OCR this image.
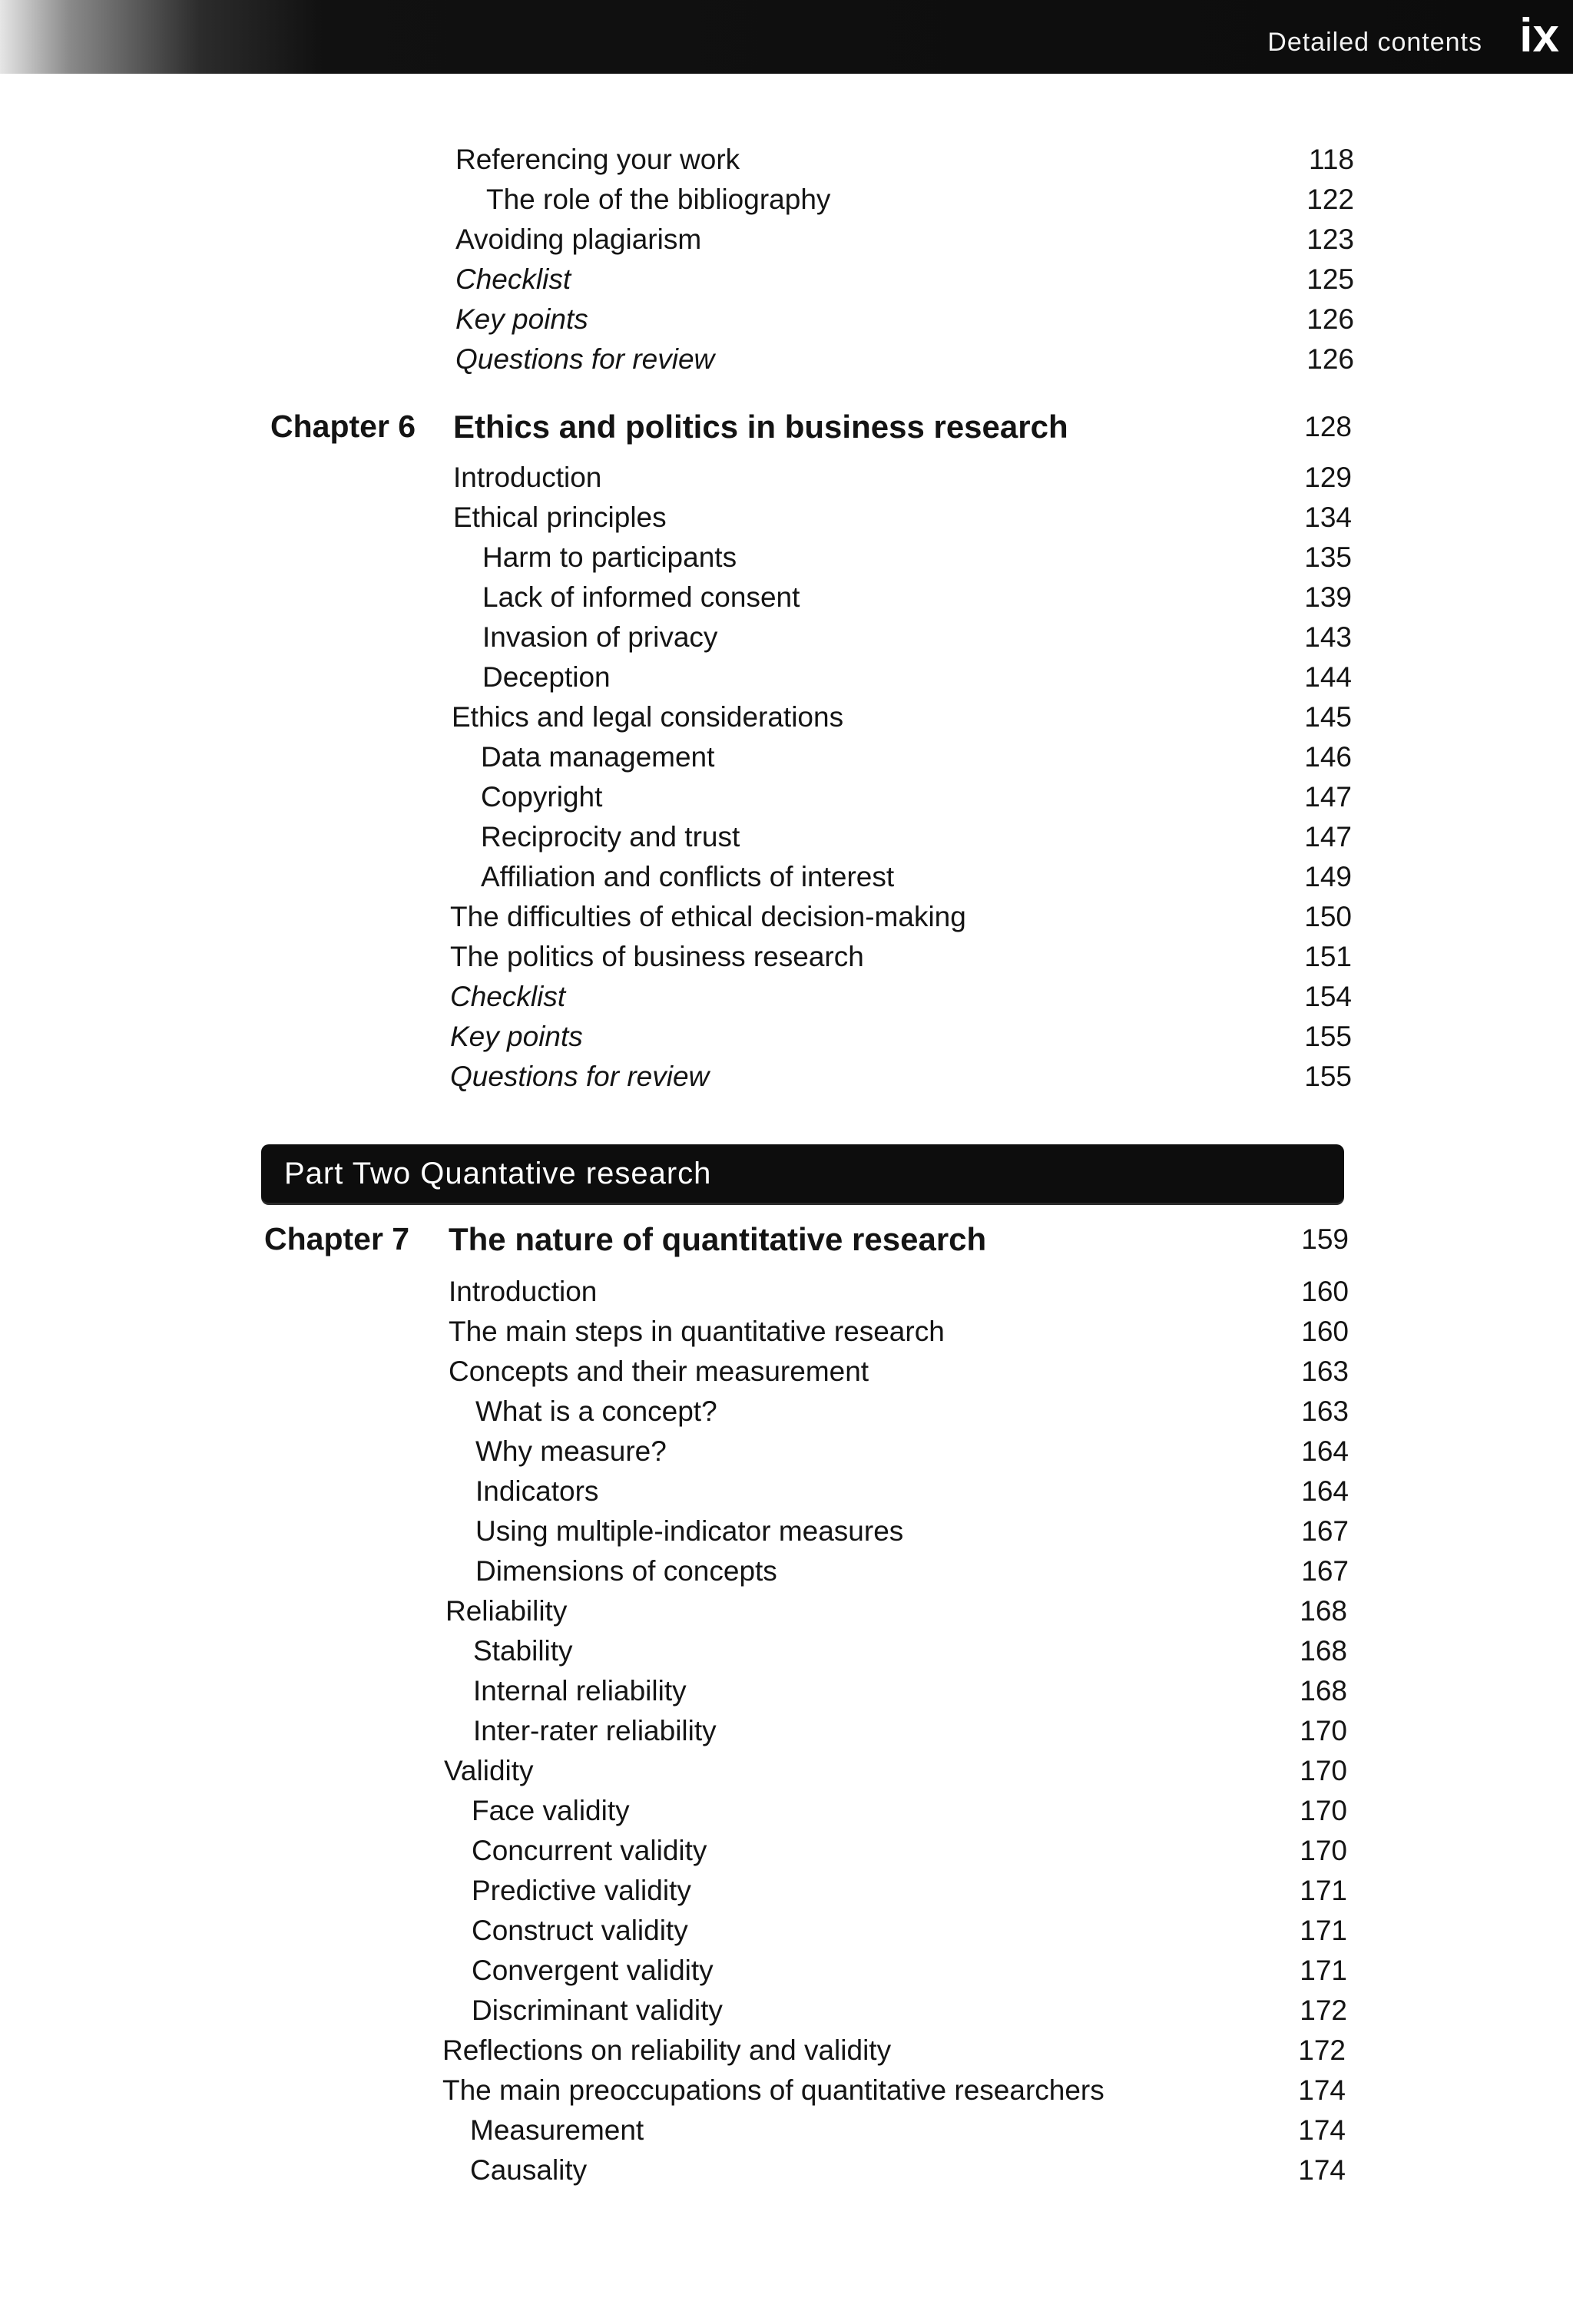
Detailed contents ix
Referencing your work	118
The role of the bibliography	122
Avoiding plagiarism	123
Checklist	125
Key points	126
Questions for review	126
Chapter 6 Ethics and politics in business research	128
Introduction	129
Ethical principles	134
Harm to participants	135
Lack of informed consent	139
Invasion of privacy	143
Deception	144
Ethics and legal considerations	145
Data management	146
Copyright	147
Reciprocity and trust	147
Affiliation and conflicts of interest	149
The difficulties of ethical decision-making	150
The politics of business research	151
Checklist	154
Key points	155
Questions for review	155
Part Two Quantative research
Chapter 7 The nature of quantitative research	159
Introduction	160
The main steps in quantitative research	160
Concepts and their measurement	163
What is a concept?	163
Why measure?	164
Indicators	164
Using multiple-indicator measures	167
Dimensions of concepts	167
Reliability	168
Stability	168
Internal reliability	168
Inter-rater reliability	170
Validity	170
Face validity	170
Concurrent validity	170
Predictive validity	171
Construct validity	171
Convergent validity	171
Discriminant validity	172
Reflections on reliability and validity	172
The main preoccupations of quantitative researchers	174
Measurement	174
Causality	174
